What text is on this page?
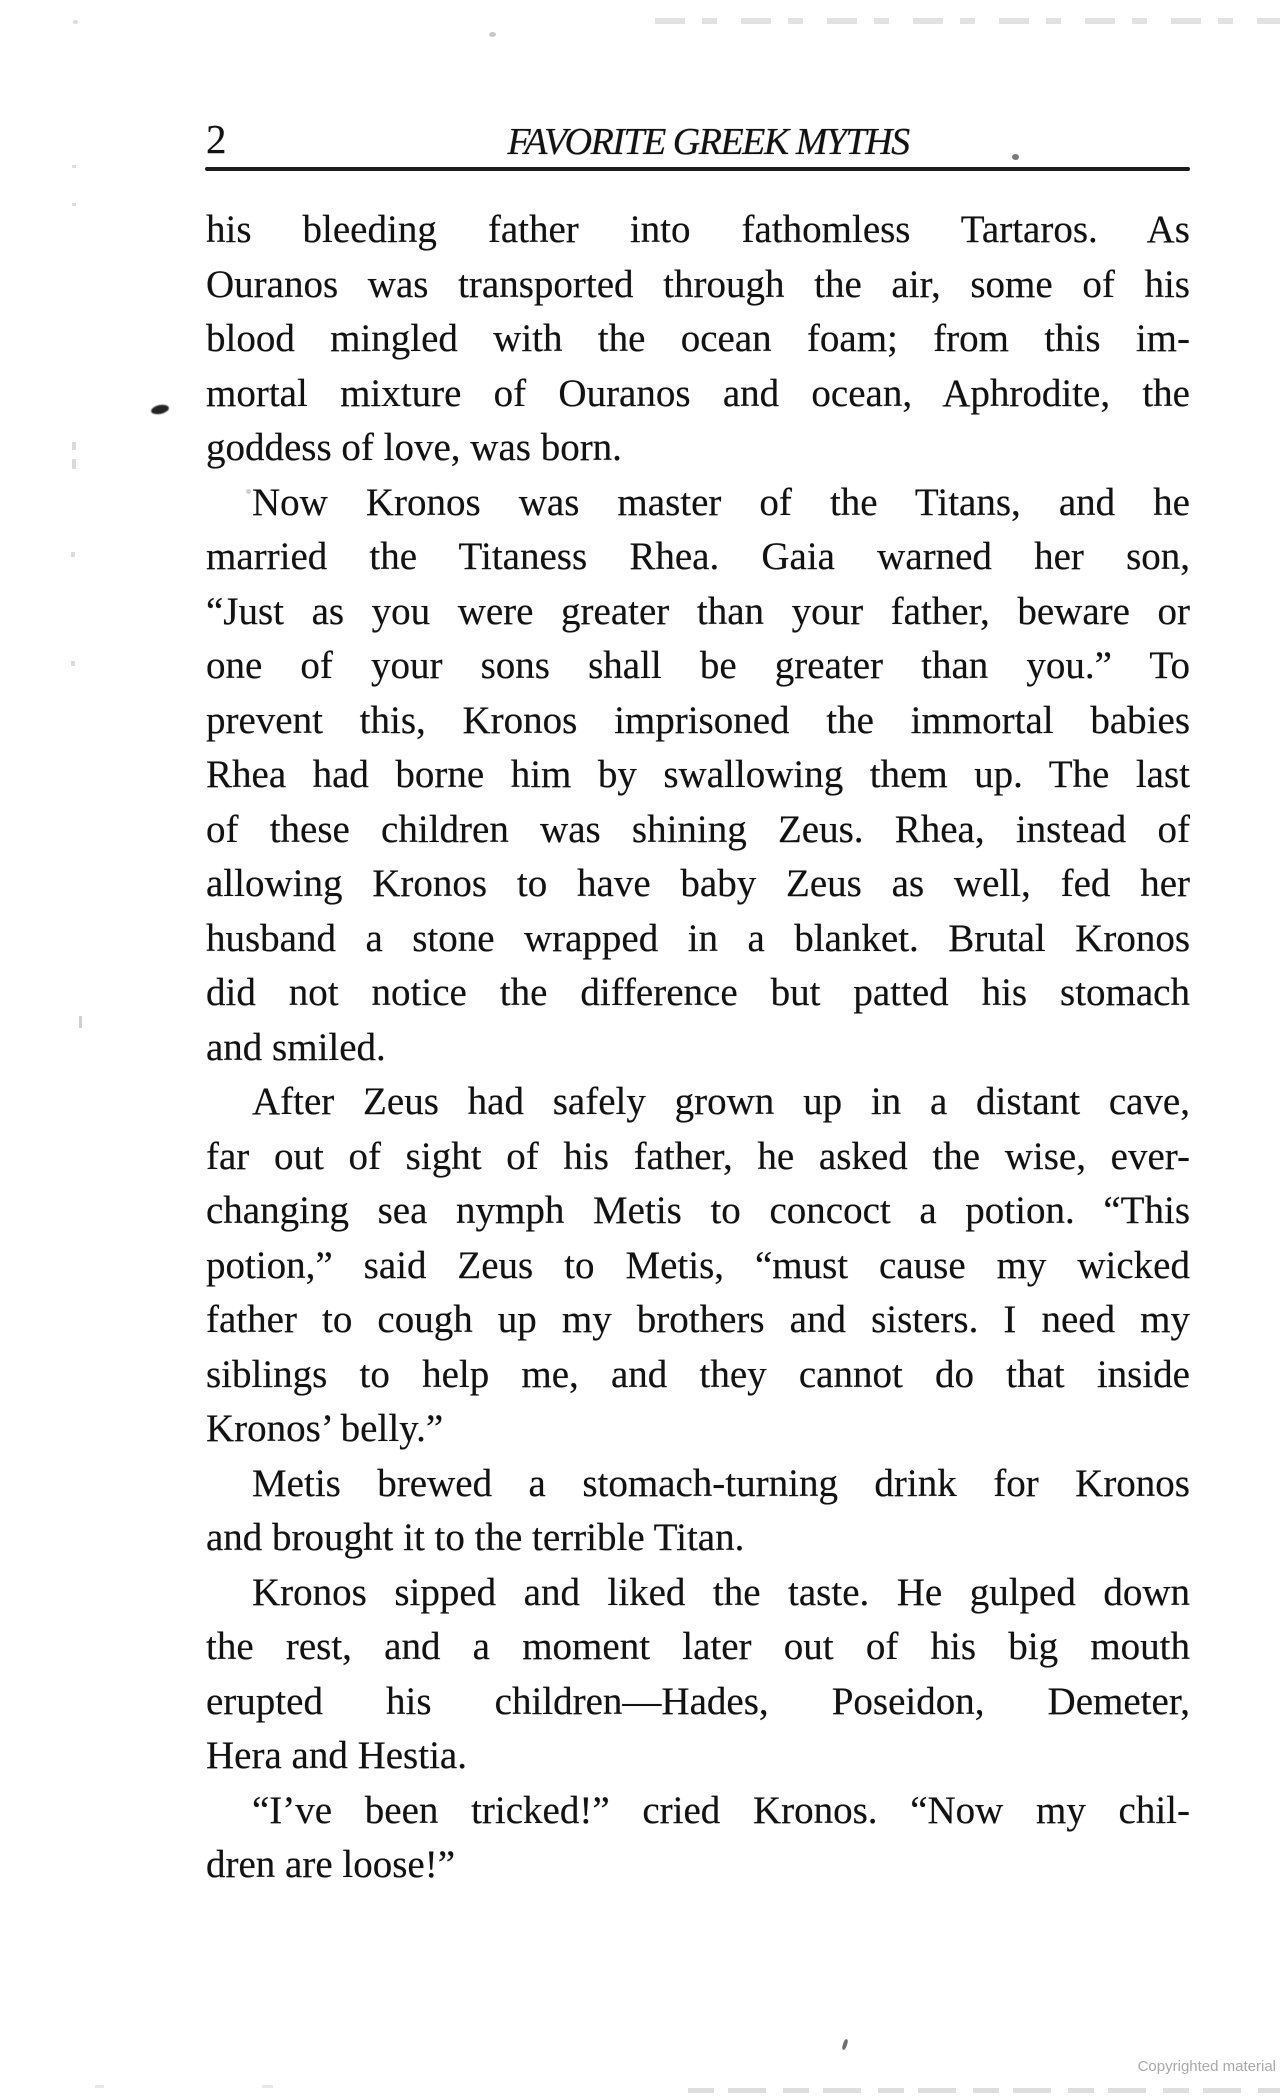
2	FAVORITE GREEK MYTHS
his bleeding father into fathomless Tartaros. As
Ouranos was transported through the air, some of his
blood mingled with the ocean foam; from this im-
mortal mixture of Ouranos and ocean, Aphrodite, the
goddess of love, was born.
Now Kronos was master of the Titans, and he
married the Titaness Rhea. Gaia warned her son,
“Just as you were greater than your father, beware or
one of your sons shall be greater than you.” To
prevent this, Kronos imprisoned the immortal babies
Rhea had borne him by swallowing them up. The last
of these children was shining Zeus. Rhea, instead of
allowing Kronos to have baby Zeus as well, fed her
husband a stone wrapped in a blanket. Brutal Kronos
did not notice the difference but patted his stomach
and smiled.
After Zeus had safely grown up in a distant cave,
far out of sight of his father, he asked the wise, ever-
changing sea nymph Metis to concoct a potion. “This
potion,” said Zeus to Metis, “must cause my wicked
father to cough up my brothers and sisters. I need my
siblings to help me, and they cannot do that inside
Kronos’ belly.”
Metis brewed a stomach-turning drink for Kronos
and brought it to the terrible Titan.
Kronos sipped and liked the taste. He gulped down
the rest, and a moment later out of his big mouth
erupted his children—Hades, Poseidon, Demeter,
Hera and Hestia.
“I’ve been tricked!” cried Kronos. “Now my chil-
dren are loose!”
Copyrighted material
